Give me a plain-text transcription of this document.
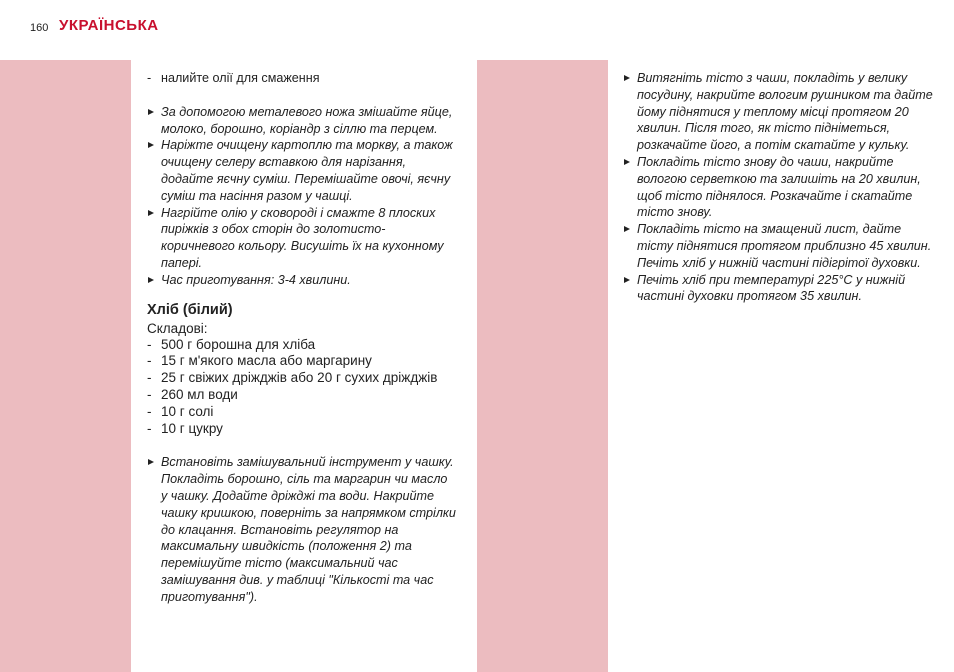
160 УКРАЇНСЬКА
- налийте олії для смаження
За допомогою металевого ножа змішайте яйце, молоко, борошно, коріандр з сіллю та перцем.
Наріжте очищену картоплю та моркву, а також очищену селеру вставкою для нарізання, додайте яєчну суміш. Перемішайте овочі, яєчну суміш та насіння разом у чашці.
Нагрійте олію у сковороді і смажте 8 плоских пиріжків з обох сторін до золотисто-коричневого кольору. Висушіть їх на кухонному папері.
Час приготування: 3-4 хвилини.
Хліб (білий)
Складові:
- 500 г борошна для хліба
- 15 г м'якого масла або маргарину
- 25 г свіжих дріжджів або 20 г сухих дріжджів
- 260 мл води
- 10 г солі
- 10 г цукру
Встановіть замішувальний інструмент у чашку. Покладіть борошно, сіль та маргарин чи масло у чашку. Додайте дріжджі та води. Накрийте чашку кришкою, поверніть за напрямком стрілки до клацання. Встановіть регулятор на максимальну швидкість (положення 2) та перемішуйте тісто (максимальний час замішування див. у таблиці "Кількості та час приготування").
Витягніть тісто з чаши, покладіть у велику посудину, накрийте вологим рушником та дайте йому піднятися у теплому місці протягом 20 хвилин. Після того, як тісто підніметься, розкачайте його, а потім скатайте у кульку.
Покладіть тісто знову до чаши, накрийте вологою серветкою та залишіть на 20 хвилин, щоб тісто піднялося. Розкачайте і скатайте тісто знову.
Покладіть тісто на змащений лист, дайте тісту піднятися протягом приблизно 45 хвилин. Печіть хліб у нижній частині підігрітої духовки.
Печіть хліб при температурі 225°C у нижній частині духовки протягом 35 хвилин.
